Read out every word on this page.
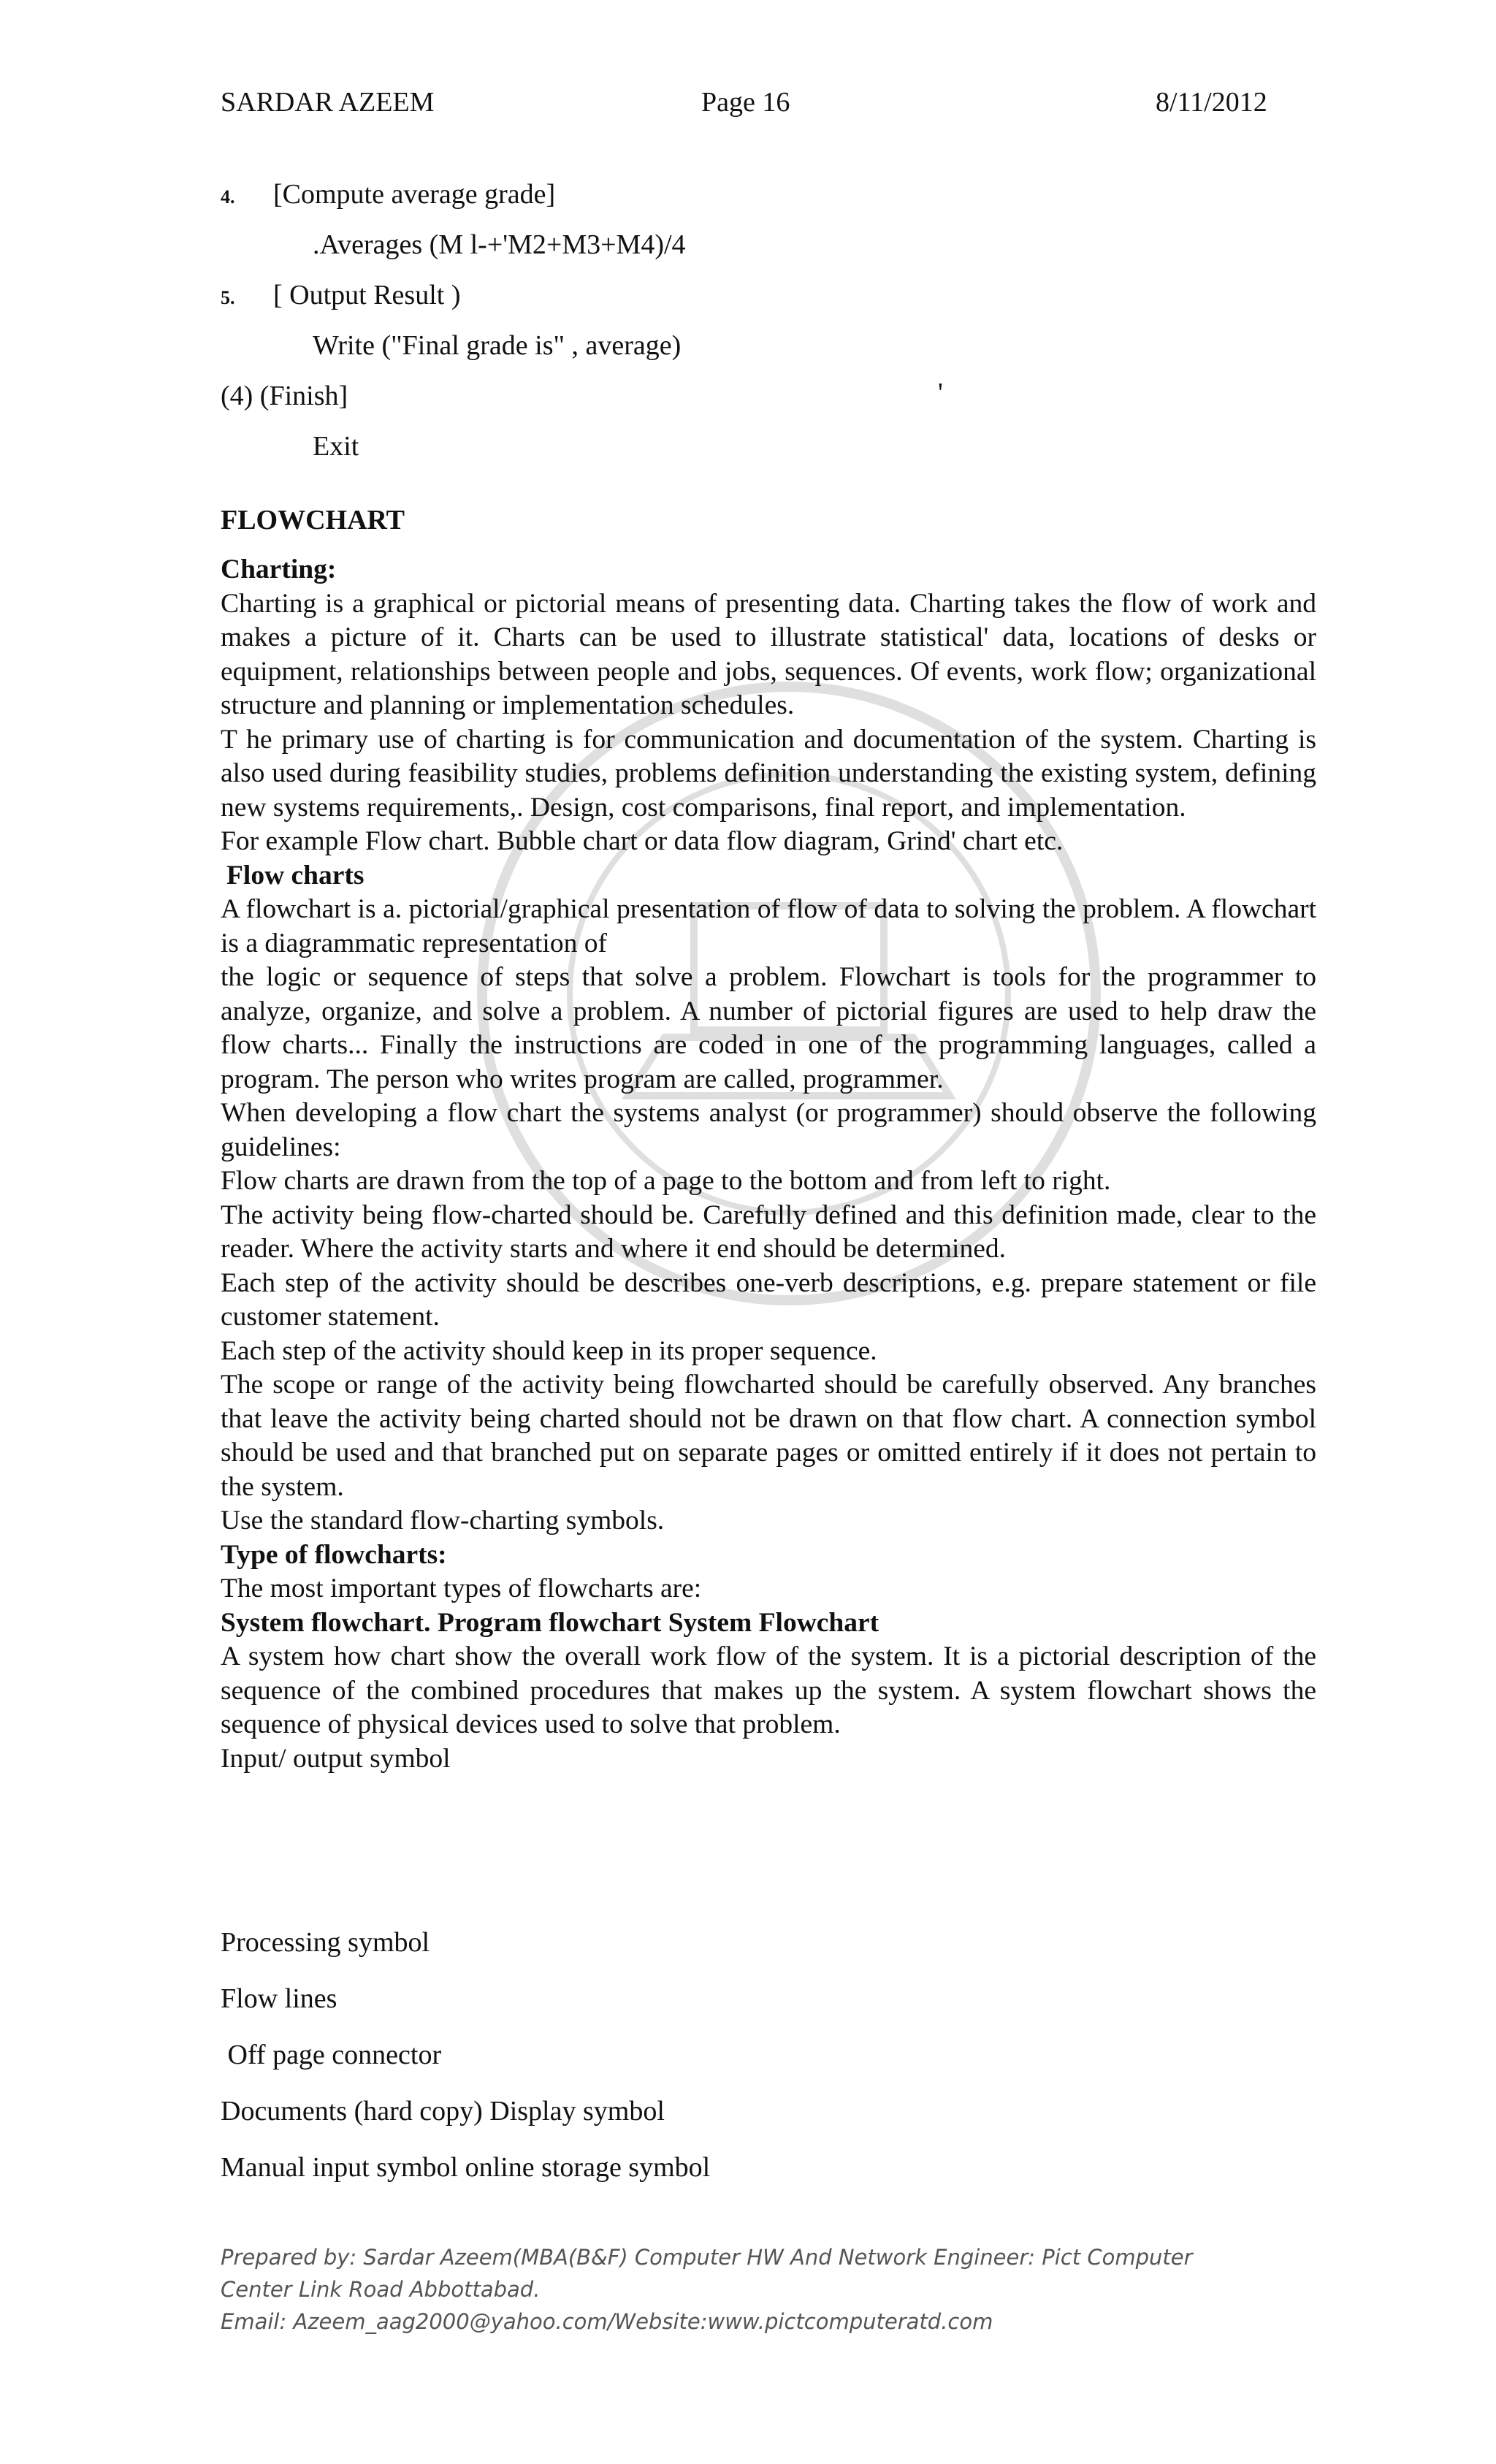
SARDAR AZEEM	Page 16	8/11/2012
4. [Compute average grade]
.Averages (M l-+'M2+M3+M4)/4
5. [ Output Result )
Write ("Final grade is" , average)
(4) (Finish]	'
Exit
FLOWCHART

Charting:

Charting is a graphical or pictorial means of presenting data. Charting takes the flow of work and makes a picture of it. Charts can be used to illustrate statistical' data, locations of desks or equipment, relationships between people and jobs, sequences. Of events, work flow; organizational structure and planning or implementation schedules.

T he primary use of charting is for communication and documentation of the system. Charting is also used during feasibility studies, problems definition understanding the existing system, defining new systems requirements,. Design, cost comparisons, final report, and implementation.

For example Flow chart. Bubble chart or data flow diagram, Grind' chart etc.

Flow charts

A flowchart is a. pictorial/graphical presentation of flow of data to solving the problem. A flowchart is a diagrammatic representation of

the logic or sequence of steps that solve a problem. Flowchart is tools for the programmer to analyze, organize, and solve a problem. A number of pictorial figures are used to help draw the flow charts... Finally the instructions are coded in one of the programming languages, called a program. The person who writes program are called, programmer.

When developing a flow chart the systems analyst (or programmer) should observe the following guidelines:

Flow charts are drawn from the top of a page to the bottom and from left to right.

The activity being flow-charted should be. Carefully defined and this definition made, clear to the reader. Where the activity starts and where it end should be determined.

Each step of the activity should be describes one-verb descriptions, e.g. prepare statement or file customer statement.

Each step of the activity should keep in its proper sequence.

The scope or range of the activity being flowcharted should be carefully observed. Any branches that leave the activity being charted should not be drawn on that flow chart. A connection symbol should be used and that branched put on separate pages or omitted entirely if it does not pertain to the system.

Use the standard flow-charting symbols.

Type of flowcharts:

The most important types of flowcharts are:

System flowchart. Program flowchart System Flowchart

A system how chart show the overall work flow of the system. It is a pictorial description of the sequence of the combined procedures that makes up the system. A system flowchart shows the sequence of physical devices used to solve that problem.

Input/ output symbol

Processing symbol
Flow lines
Off page connector
Documents (hard copy) Display symbol
Manual input symbol online storage symbol
Prepared by: Sardar Azeem(MBA(B&F) Computer HW And Network Engineer: Pict Computer
Center Link Road Abbottabad.
Email: Azeem_aag2000@yahoo.com/Website:www.pictcomputeratd.com
